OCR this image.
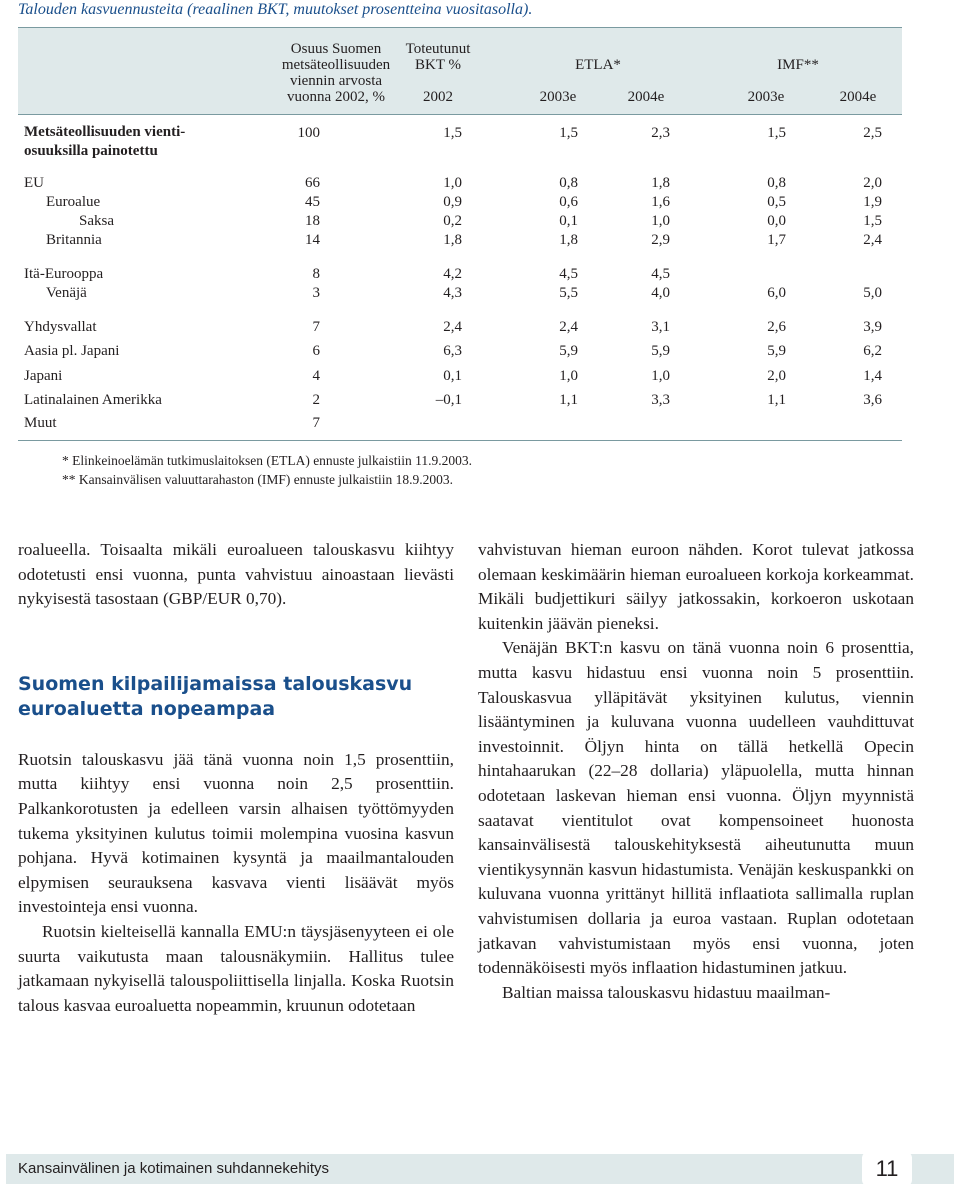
Talouden kasvuennusteita (reaalinen BKT, muutokset prosentteina vuositasolla).
Osuus Suomen
metsäteollisuuden
viennin arvosta
vuonna 2002, %
Toteutunut
BKT %	ETLA*	IMF**
2002	2003e	2004e	2003e	2004e
Metsäteollisuuden vienti-
osuuksilla painotettu
100	1,5	1,5	2,3	1,5	2,5
EU	66	1,0	0,8	1,8	0,8	2,0
Euroalue	45	0,9	0,6	1,6	0,5	1,9
Saksa	18	0,2	0,1	1,0	0,0	1,5
Britannia	14	1,8	1,8	2,9	1,7	2,4
Itä-Eurooppa	8	4,2	4,5	4,5
Venäjä	3	4,3	5,5	4,0	6,0	5,0
Yhdysvallat	7	2,4	2,4	3,1	2,6	3,9
Aasia pl. Japani	6	6,3	5,9	5,9	5,9	6,2
Japani	4	0,1	1,0	1,0	2,0	1,4
Latinalainen Amerikka	2	–0,1	1,1	3,3	1,1	3,6
Muut	7
* Elinkeinoelämän tutkimuslaitoksen (ETLA) ennuste julkaistiin 11.9.2003.
** Kansainvälisen valuuttarahaston (IMF) ennuste julkaistiin 18.9.2003.

roalueella. Toisaalta mikäli euroalueen talouskasvu kiihtyy odotetusti ensi vuonna, punta vahvistuu ainoastaan lievästi nykyisestä tasostaan (GBP/EUR 0,70).

Suomen kilpailijamaissa talouskasvu euroaluetta nopeampaa

Ruotsin talouskasvu jää tänä vuonna noin 1,5 prosenttiin, mutta kiihtyy ensi vuonna noin 2,5 prosenttiin. Palkankorotusten ja edelleen varsin alhaisen työttömyyden tukema yksityinen kulutus toimii molempina vuosina kasvun pohjana. Hyvä kotimainen kysyntä ja maailmantalouden elpymisen seurauksena kasvava vienti lisäävät myös investointeja ensi vuonna.

Ruotsin kielteisellä kannalla EMU:n täysjäsenyyteen ei ole suurta vaikutusta maan talousnäkymiin. Hallitus tulee jatkamaan nykyisellä talouspoliittisella linjalla. Koska Ruotsin talous kasvaa euroaluetta nopeammin, kruunun odotetaan

vahvistuvan hieman euroon nähden. Korot tulevat jatkossa olemaan keskimäärin hieman euroalueen korkoja korkeammat. Mikäli budjettikuri säilyy jatkossakin, korkoeron uskotaan kuitenkin jäävän pieneksi.

Venäjän BKT:n kasvu on tänä vuonna noin 6 prosenttia, mutta kasvu hidastuu ensi vuonna noin 5 prosenttiin. Talouskasvua ylläpitävät yksityinen kulutus, viennin lisääntyminen ja kuluvana vuonna uudelleen vauhdittuvat investoinnit. Öljyn hinta on tällä hetkellä Opecin hintahaarukan (22–28 dollaria) yläpuolella, mutta hinnan odotetaan laskevan hieman ensi vuonna. Öljyn myynnistä saatavat vientitulot ovat kompensoineet huonosta kansainvälisestä talouskehityksestä aiheutunutta muun vientikysynnän kasvun hidastumista. Venäjän keskuspankki on kuluvana vuonna yrittänyt hillitä inflaatiota sallimalla ruplan vahvistumisen dollaria ja euroa vastaan. Ruplan odotetaan jatkavan vahvistumistaan myös ensi vuonna, joten todennäköisesti myös inflaation hidastuminen jatkuu.

Baltian maissa talouskasvu hidastuu maailman-

Kansainvälinen ja kotimainen suhdannekehitys	11
